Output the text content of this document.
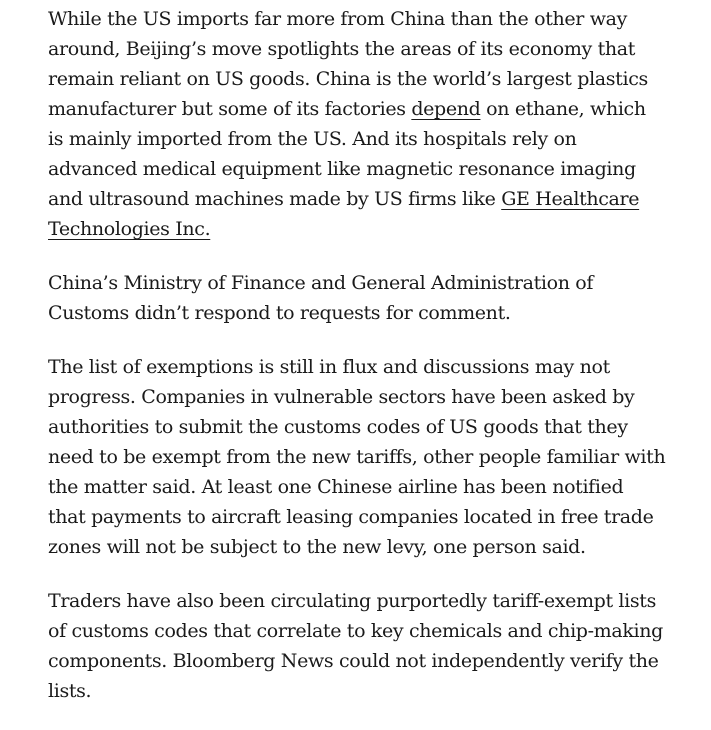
While the US imports far more from China than the other way around, Beijing’s move spotlights the areas of its economy that remain reliant on US goods. China is the world’s largest plastics manufacturer but some of its factories depend on ethane, which is mainly imported from the US. And its hospitals rely on advanced medical equipment like magnetic resonance imaging and ultrasound machines made by US firms like GE Healthcare Technologies Inc.

China’s Ministry of Finance and General Administration of Customs didn’t respond to requests for comment.

The list of exemptions is still in flux and discussions may not progress. Companies in vulnerable sectors have been asked by authorities to submit the customs codes of US goods that they need to be exempt from the new tariffs, other people familiar with the matter said. At least one Chinese airline has been notified that payments to aircraft leasing companies located in free trade zones will not be subject to the new levy, one person said.

Traders have also been circulating purportedly tariff-exempt lists of customs codes that correlate to key chemicals and chip-making components. Bloomberg News could not independently verify the lists.
